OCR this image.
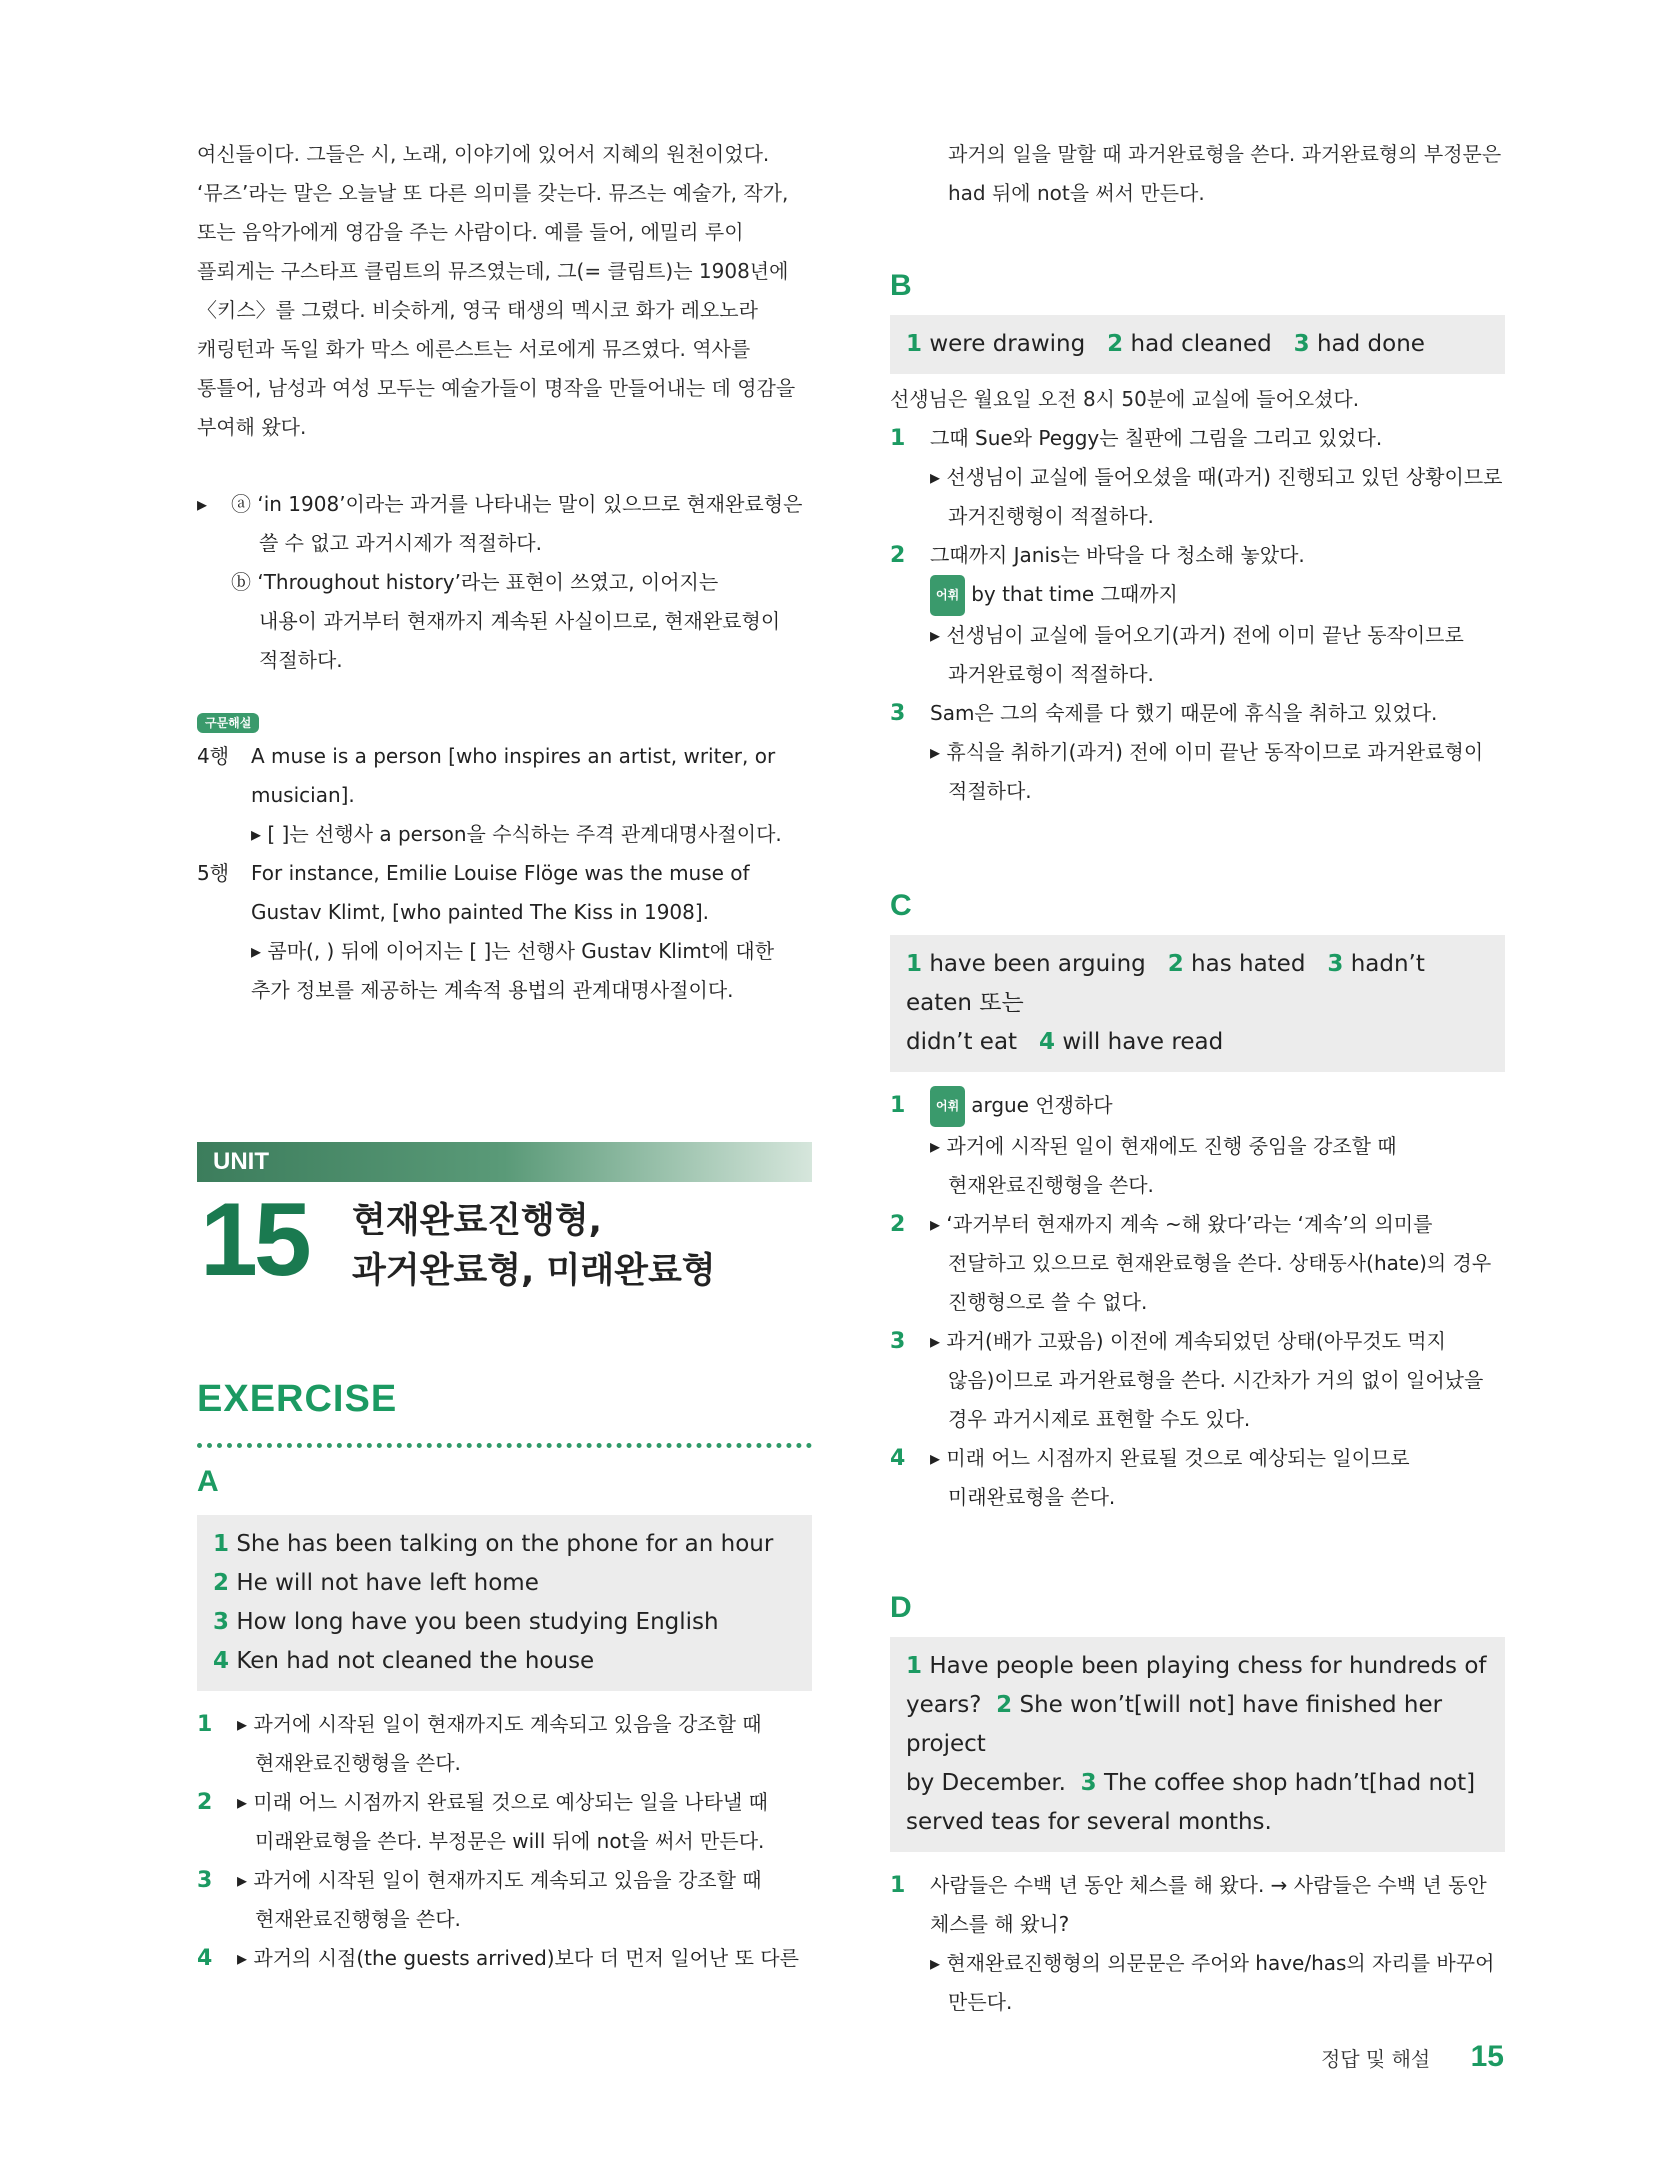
여신들이다. 그들은 시, 노래, 이야기에 있어서 지혜의 원천이었다.

‘뮤즈’라는 말은 오늘날 또 다른 의미를 갖는다. 뮤즈는 예술가, 작가,

또는 음악가에게 영감을 주는 사람이다. 예를 들어, 에밀리 루이

플뢰게는 구스타프 클림트의 뮤즈였는데, 그(= 클림트)는 1908년에

〈키스〉를 그렸다. 비슷하게, 영국 태생의 멕시코 화가 레오노라

캐링턴과 독일 화가 막스 에른스트는 서로에게 뮤즈였다. 역사를

통틀어, 남성과 여성 모두는 예술가들이 명작을 만들어내는 데 영감을

부여해 왔다.

▸ ⓐ ‘in 1908’이라는 과거를 나타내는 말이 있으므로 현재완료형은

쓸 수 없고 과거시제가 적절하다.

ⓑ ‘Throughout history’라는 표현이 쓰였고, 이어지는

내용이 과거부터 현재까지 계속된 사실이므로, 현재완료형이

적절하다.

구문해설
4행 A muse is a person [who inspires an artist, writer, or

musician].

▸ [ ]는 선행사 a person을 수식하는 주격 관계대명사절이다.

5행 For instance, Emilie Louise Flöge was the muse of

Gustav Klimt, [who painted The Kiss in 1908].

▸ 콤마(, ) 뒤에 이어지는 [ ]는 선행사 Gustav Klimt에 대한

추가 정보를 제공하는 계속적 용법의 관계대명사절이다.

UNIT
15 현재완료진행형,

과거완료형, 미래완료형

EXERCISE
A

1 She has been talking on the phone for an hour

2 He will not have left home

3 How long have you been studying English

4 Ken had not cleaned the house

1 ▸ 과거에 시작된 일이 현재까지도 계속되고 있음을 강조할 때

현재완료진행형을 쓴다.

2 ▸ 미래 어느 시점까지 완료될 것으로 예상되는 일을 나타낼 때

미래완료형을 쓴다. 부정문은 will 뒤에 not을 써서 만든다.

3 ▸ 과거에 시작된 일이 현재까지도 계속되고 있음을 강조할 때

현재완료진행형을 쓴다.

4 ▸ 과거의 시점(the guests arrived)보다 더 먼저 일어난 또 다른

과거의 일을 말할 때 과거완료형을 쓴다. 과거완료형의 부정문은

had 뒤에 not을 써서 만든다.

B

1 were drawing 2 had cleaned 3 had done

선생님은 월요일 오전 8시 50분에 교실에 들어오셨다.

1 그때 Sue와 Peggy는 칠판에 그림을 그리고 있었다.

▸ 선생님이 교실에 들어오셨을 때(과거) 진행되고 있던 상황이므로

과거진행형이 적절하다.

2 그때까지 Janis는 바닥을 다 청소해 놓았다.

어휘 by that time 그때까지

▸ 선생님이 교실에 들어오기(과거) 전에 이미 끝난 동작이므로

과거완료형이 적절하다.

3 Sam은 그의 숙제를 다 했기 때문에 휴식을 취하고 있었다.

▸ 휴식을 취하기(과거) 전에 이미 끝난 동작이므로 과거완료형이

적절하다.

C

1 have been arguing 2 has hated 3 hadn’t eaten 또는

didn’t eat 4 will have read

1	어휘 argue 언쟁하다

▸ 과거에 시작된 일이 현재에도 진행 중임을 강조할 때

현재완료진행형을 쓴다.

2 ▸ ‘과거부터 현재까지 계속 ~해 왔다’라는 ‘계속’의 의미를

전달하고 있으므로 현재완료형을 쓴다. 상태동사(hate)의 경우

진행형으로 쓸 수 없다.

3 ▸ 과거(배가 고팠음) 이전에 계속되었던 상태(아무것도 먹지

않음)이므로 과거완료형을 쓴다. 시간차가 거의 없이 일어났을

경우 과거시제로 표현할 수도 있다.

4 ▸ 미래 어느 시점까지 완료될 것으로 예상되는 일이므로

미래완료형을 쓴다.

D

1 Have people been playing chess for hundreds of

years? 2 She won’t[will not] have finished her project

by December. 3 The coffee shop hadn’t[had not]

served teas for several months.

1 사람들은 수백 년 동안 체스를 해 왔다. → 사람들은 수백 년 동안

체스를 해 왔니?

▸ 현재완료진행형의 의문문은 주어와 have/has의 자리를 바꾸어

만든다.

정답 및 해설 15
